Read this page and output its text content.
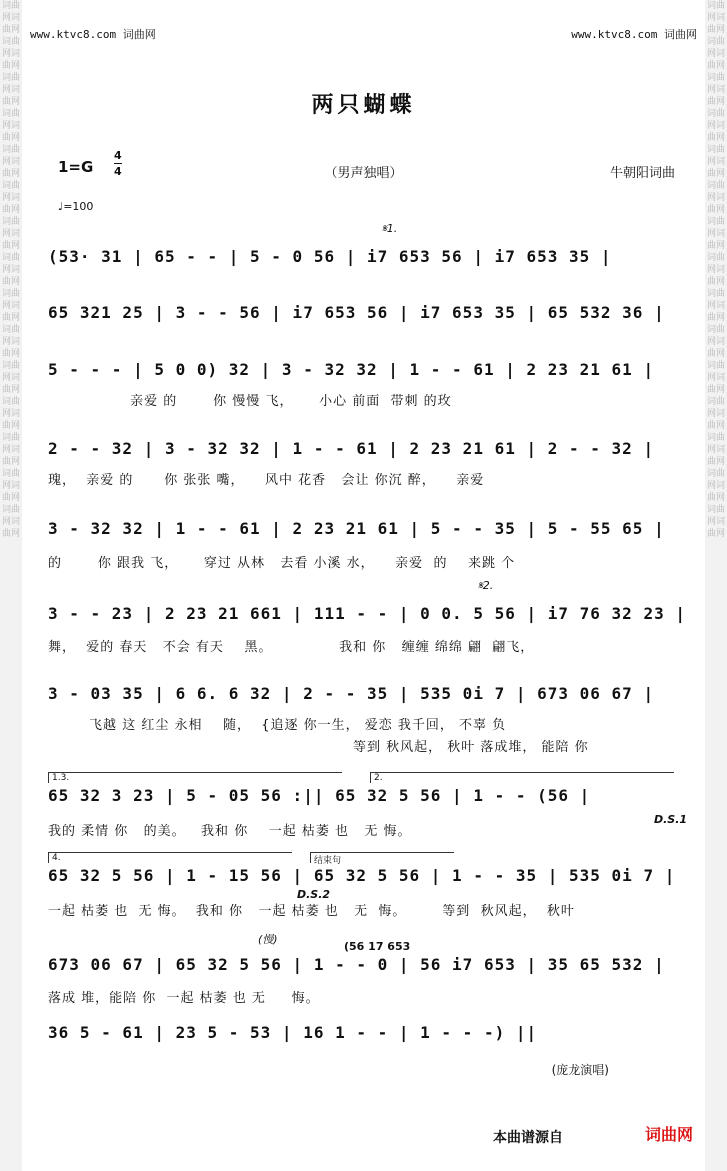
词曲网词曲网词曲网词曲网词曲网词曲网词曲网词曲网词曲网词曲网词曲网词曲网词曲网词曲网词曲网词曲网词曲网词曲网词曲网词曲网词曲网词曲网词曲网词曲网词曲网词曲网词曲网词曲网词曲网词曲网
词曲网词曲网词曲网词曲网词曲网词曲网词曲网词曲网词曲网词曲网词曲网词曲网词曲网词曲网词曲网词曲网词曲网词曲网词曲网词曲网词曲网词曲网词曲网词曲网词曲网词曲网词曲网词曲网词曲网词曲网
www.ktvc8.com 词曲网	www.ktvc8.com 词曲网
两只蝴蝶
1=G
4
4	（男声独唱）	牛朝阳词曲
♩=100
𝄋1.
𝄋2.
D.S.1
D.S.2
(慢)
(56 17 653
(53· 31 | 65 - - | 5 - 0 56 | i7 653 56 | i7 653 35 |
65 321 25 | 3 - - 56 | i7 653 56 | i7 653 35 | 65 532 36 |
5 - - - | 5 0 0) 32 | 3 - 32 32 | 1 - - 61 | 2 23 21 61 |
亲爱 的       你 慢慢 飞，     小心 前面  带刺 的玫
2 - - 32 | 3 - 32 32 | 1 - - 61 | 2 23 21 61 | 2 - - 32 |
瑰，  亲爱 的      你 张张 嘴，    风中 花香   会让 你沉 醉，    亲爱
3 - 32 32 | 1 - - 61 | 2 23 21 61 | 5 - - 35 | 5 - 55 65 |
的       你 跟我 飞，     穿过 从林   去看 小溪 水，    亲爱  的    来跳 个
3 - - 23 | 2 23 21 661 | 111 - - | 0 0. 5 56 | i7 76 32 23 |
舞，  爱的 春天   不会 有天    黑。             我和 你   缠缠 绵绵 翩  翩飞，
3 - 03 35 | 6 6. 6 32 | 2 - - 35 | 535 0i 7 | 673 06 67 |
飞越 这 红尘 永相    随，  {追逐 你一生， 爱恋 我千回， 不辜 负
等到 秋风起， 秋叶 落成堆， 能陪 你
1.3.	2.
65 32 3 23 | 5 - 05 56 :|| 65 32 5 56 | 1 - - (56 |
我的 柔情 你   的美。   我和 你    一起 枯萎 也   无 悔。
4.	结束句
65 32 5 56 | 1 - 15 56 | 65 32 5 56 | 1 - - 35 | 535 0i 7 |
一起 枯萎 也  无 悔。  我和 你   一起 枯萎 也   无  悔。       等到  秋风起，  秋叶
673 06 67 | 65 32 5 56 | 1 - - 0 | 56 i7 653 | 35 65 532 |
落成 堆，能陪 你  一起 枯萎 也 无     悔。
36 5 - 61 | 23 5 - 53 | 16 1 - - | 1 - - -) ||
(庞龙演唱)
本曲谱源自	词曲网
